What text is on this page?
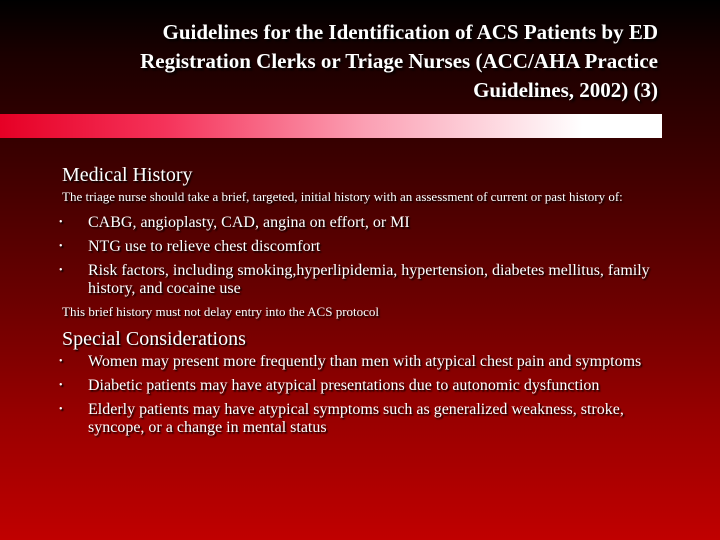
Guidelines for the Identification of ACS Patients by ED
Registration Clerks or Triage Nurses (ACC/AHA Practice
Guidelines, 2002) (3)
Medical History
The triage nurse should take a brief, targeted, initial history with an assessment of current or past history of:
• CABG, angioplasty, CAD, angina on effort, or MI
• NTG use to relieve chest discomfort
• Risk factors, including smoking,hyperlipidemia, hypertension, diabetes mellitus, family history, and cocaine use
This brief history must not delay entry into the ACS protocol
Special Considerations
• Women may present more frequently than men with atypical chest pain and symptoms
• Diabetic patients may have atypical presentations due to autonomic dysfunction
• Elderly patients may have atypical symptoms such as generalized weakness, stroke, syncope, or a change in mental status
